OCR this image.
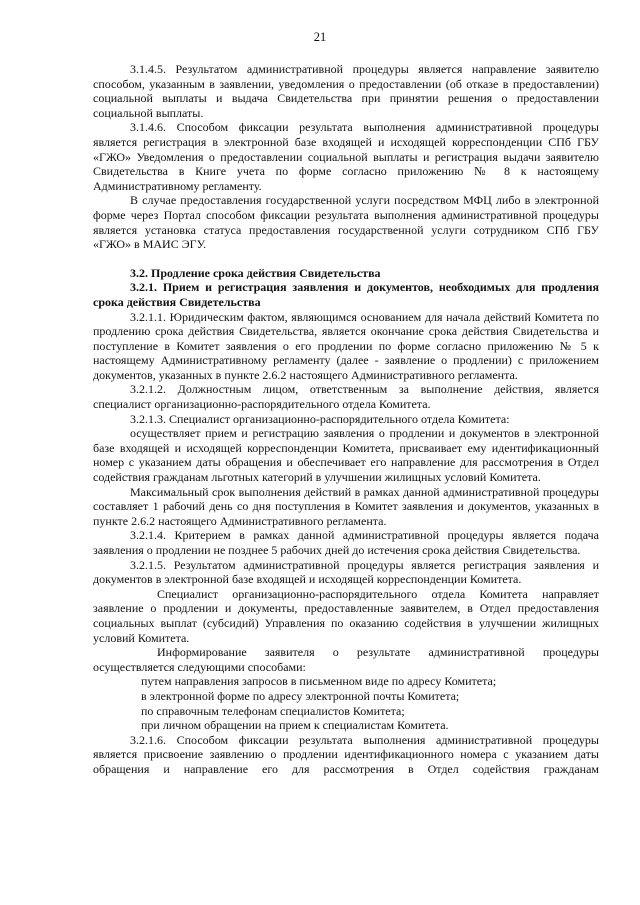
21

3.1.4.5. Результатом административной процедуры является направление заявителю способом, указанным в заявлении, уведомления о предоставлении (об отказе в предоставлении) социальной выплаты и выдача Свидетельства при принятии решения о предоставлении социальной выплаты.

3.1.4.6. Способом фиксации результата выполнения административной процедуры является регистрация в электронной базе входящей и исходящей корреспонденции СПб ГБУ «ГЖО» Уведомления о предоставлении социальной выплаты и регистрация выдачи заявителю Свидетельства в Книге учета по форме согласно приложению № 8 к настоящему Административному регламенту.

В случае предоставления государственной услуги посредством МФЦ либо в электронной форме через Портал способом фиксации результата выполнения административной процедуры является установка статуса предоставления государственной услуги сотрудником СПб ГБУ «ГЖО» в МАИС ЭГУ.

3.2. Продление срока действия Свидетельства

3.2.1. Прием и регистрация заявления и документов, необходимых для продления срока действия Свидетельства

3.2.1.1. Юридическим фактом, являющимся основанием для начала действий Комитета по продлению срока действия Свидетельства, является окончание срока действия Свидетельства и поступление в Комитет заявления о его продлении по форме согласно приложению № 5 к настоящему Административному регламенту (далее - заявление о продлении) с приложением документов, указанных в пункте 2.6.2 настоящего Административного регламента.

3.2.1.2. Должностным лицом, ответственным за выполнение действия, является специалист организационно-распорядительного отдела Комитета.

3.2.1.3. Специалист организационно-распорядительного отдела Комитета:

осуществляет прием и регистрацию заявления о продлении и документов в электронной базе входящей и исходящей корреспонденции Комитета, присваивает ему идентификационный номер с указанием даты обращения и обеспечивает его направление для рассмотрения в Отдел содействия гражданам льготных категорий в улучшении жилищных условий Комитета.

Максимальный срок выполнения действий в рамках данной административной процедуры составляет 1 рабочий день со дня поступления в Комитет заявления и документов, указанных в пункте 2.6.2 настоящего Административного регламента.

3.2.1.4. Критерием в рамках данной административной процедуры является подача заявления о продлении не позднее 5 рабочих дней до истечения срока действия Свидетельства.

3.2.1.5. Результатом административной процедуры является регистрация заявления и документов в электронной базе входящей и исходящей корреспонденции Комитета.

Специалист организационно-распорядительного отдела Комитета направляет заявление о продлении и документы, предоставленные заявителем, в Отдел предоставления социальных выплат (субсидий) Управления по оказанию содействия в улучшении жилищных условий Комитета.

Информирование заявителя о результате административной процедуры осуществляется следующими способами:

путем направления запросов в письменном виде по адресу Комитета;

в электронной форме по адресу электронной почты Комитета;

по справочным телефонам специалистов Комитета;

при личном обращении на прием к специалистам Комитета.

3.2.1.6. Способом фиксации результата выполнения административной процедуры является присвоение заявлению о продлении идентификационного номера с указанием даты обращения и направление его для рассмотрения в Отдел содействия гражданам
